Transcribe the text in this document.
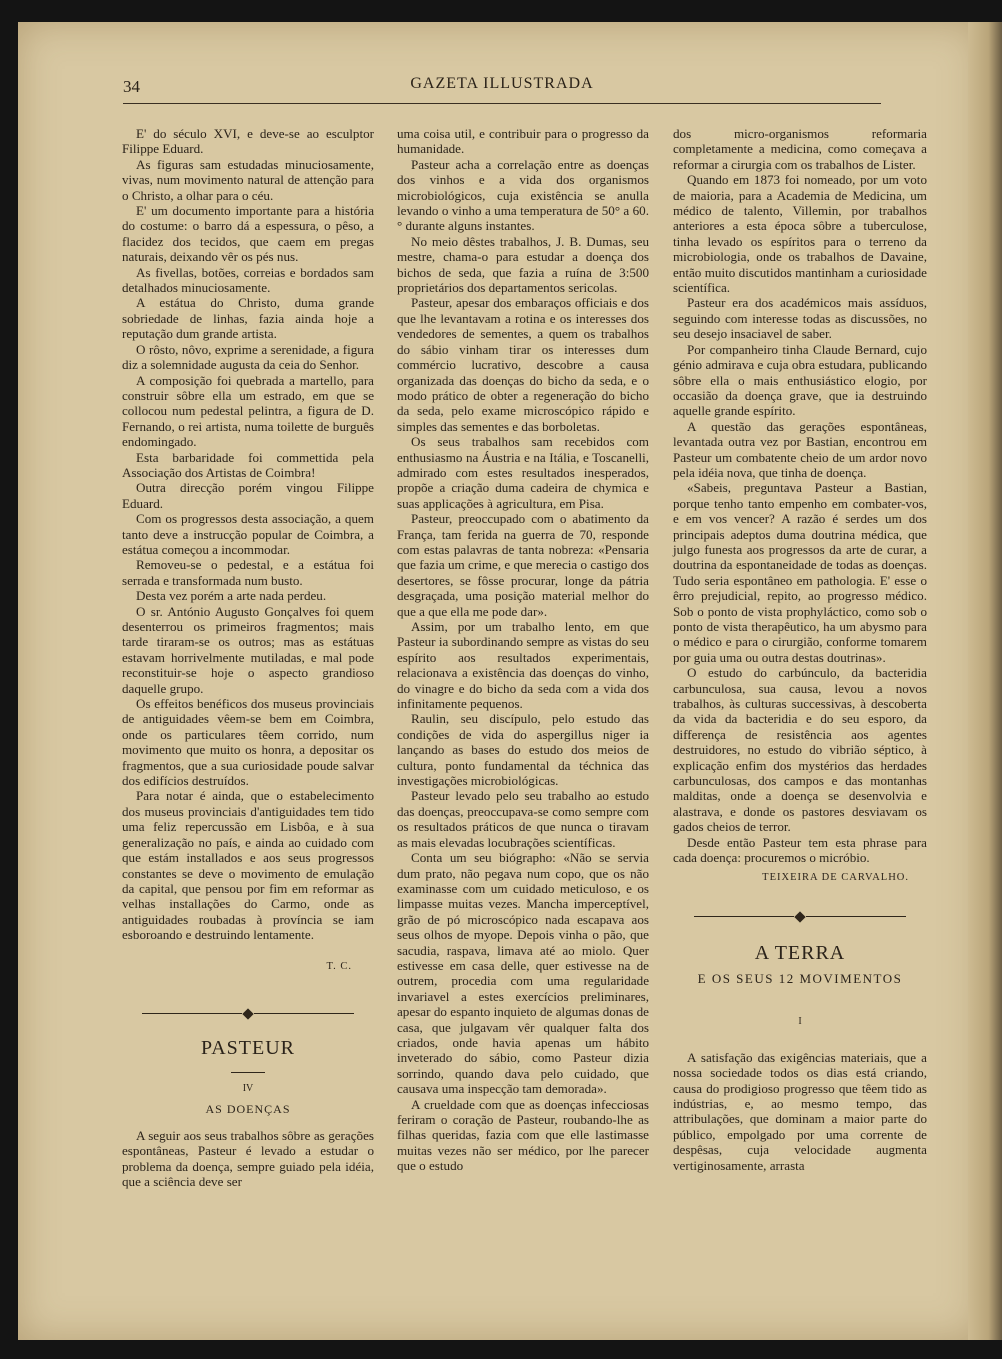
34	GAZETA ILLUSTRADA

E' do século XVI, e deve-se ao esculptor Filippe Eduard.

As figuras sam estudadas minuciosamente, vivas, num movimento natural de attenção para o Christo, a olhar para o céu.

E' um documento importante para a história do costume: o barro dá a espessura, o pêso, a flacidez dos tecidos, que caem em pregas naturais, deixando vêr os pés nus.

As fivellas, botões, correias e bordados sam detalhados minuciosamente.

A estátua do Christo, duma grande sobriedade de linhas, fazia ainda hoje a reputação dum grande artista.

O rôsto, nôvo, exprime a serenidade, a figura diz a solemnidade augusta da ceia do Senhor.

A composição foi quebrada a martello, para construir sôbre ella um estrado, em que se collocou num pedestal pelintra, a figura de D. Fernando, o rei artista, numa toilette de burguês endomingado.

Esta barbaridade foi commettida pela Associação dos Artistas de Coimbra!

Outra direcção porém vingou Filippe Eduard.

Com os progressos desta associação, a quem tanto deve a instrucção popular de Coimbra, a estátua começou a incommodar.

Removeu-se o pedestal, e a estátua foi serrada e transformada num busto.

Desta vez porém a arte nada perdeu.

O sr. António Augusto Gonçalves foi quem desenterrou os primeiros fragmentos; mais tarde tiraram-se os outros; mas as estátuas estavam horrivelmente mutiladas, e mal pode reconstituir-se hoje o aspecto grandioso daquelle grupo.

Os effeitos benéficos dos museus provinciais de antiguidades vêem-se bem em Coimbra, onde os particulares têem corrido, num movimento que muito os honra, a depositar os fragmentos, que a sua curiosidade poude salvar dos edifícios destruídos.

Para notar é ainda, que o estabelecimento dos museus provinciais d'antiguidades tem tido uma feliz repercussão em Lisbôa, e à sua generalização no país, e ainda ao cuidado com que estám installados e aos seus progressos constantes se deve o movimento de emulação da capital, que pensou por fim em reformar as velhas installações do Carmo, onde as antiguidades roubadas à província se iam esboroando e destruindo lentamente.

T. C.
PASTEUR
IV
AS DOENÇAS

A seguir aos seus trabalhos sôbre as gerações espontâneas, Pasteur é levado a estudar o problema da doença, sempre guiado pela idéia, que a sciência deve ser

uma coisa util, e contribuir para o progresso da humanidade.

Pasteur acha a correlação entre as doenças dos vinhos e a vida dos organismos microbiológicos, cuja existência se anulla levando o vinho a uma temperatura de 50° a 60.° durante alguns instantes.

No meio dêstes trabalhos, J. B. Dumas, seu mestre, chama-o para estudar a doença dos bichos de seda, que fazia a ruína de 3:500 proprietários dos departamentos sericolas.

Pasteur, apesar dos embaraços officiais e dos que lhe levantavam a rotina e os interesses dos vendedores de sementes, a quem os trabalhos do sábio vinham tirar os interesses dum commércio lucrativo, descobre a causa organizada das doenças do bicho da seda, e o modo prático de obter a regeneração do bicho da seda, pelo exame microscópico rápido e simples das sementes e das borboletas.

Os seus trabalhos sam recebidos com enthusiasmo na Áustria e na Itália, e Toscanelli, admirado com estes resultados inesperados, propõe a criação duma cadeira de chymica e suas applicações à agricultura, em Pisa.

Pasteur, preoccupado com o abatimento da França, tam ferida na guerra de 70, responde com estas palavras de tanta nobreza: «Pensaria que fazia um crime, e que merecia o castigo dos desertores, se fôsse procurar, longe da pátria desgraçada, uma posição material melhor do que a que ella me pode dar».

Assim, por um trabalho lento, em que Pasteur ia subordinando sempre as vistas do seu espírito aos resultados experimentais, relacionava a existência das doenças do vinho, do vinagre e do bicho da seda com a vida dos infinitamente pequenos.

Raulin, seu discípulo, pelo estudo das condições de vida do aspergillus niger ia lançando as bases do estudo dos meios de cultura, ponto fundamental da téchnica das investigações microbiológicas.

Pasteur levado pelo seu trabalho ao estudo das doenças, preoccupava-se como sempre com os resultados práticos de que nunca o tiravam as mais elevadas locubrações scientíficas.

Conta um seu biógrapho: «Não se servia dum prato, não pegava num copo, que os não examinasse com um cuidado meticuloso, e os limpasse muitas vezes. Mancha imperceptível, grão de pó microscópico nada escapava aos seus olhos de myope. Depois vinha o pão, que sacudia, raspava, limava até ao miolo. Quer estivesse em casa delle, quer estivesse na de outrem, procedia com uma regularidade invariavel a estes exercícios preliminares, apesar do espanto inquieto de algumas donas de casa, que julgavam vêr qualquer falta dos criados, onde havia apenas um hábito inveterado do sábio, como Pasteur dizia sorrindo, quando dava pelo cuidado, que causava uma inspecção tam demorada».

A crueldade com que as doenças infecciosas feriram o coração de Pasteur, roubando-lhe as filhas queridas, fazia com que elle lastimasse muitas vezes não ser médico, por lhe parecer que o estudo

dos micro-organismos reformaria completamente a medicina, como começava a reformar a cirurgia com os trabalhos de Lister.

Quando em 1873 foi nomeado, por um voto de maioria, para a Academia de Medicina, um médico de talento, Villemin, por trabalhos anteriores a esta época sôbre a tuberculose, tinha levado os espíritos para o terreno da microbiologia, onde os trabalhos de Davaine, então muito discutidos mantinham a curiosidade scientífica.

Pasteur era dos académicos mais assíduos, seguindo com interesse todas as discussões, no seu desejo insaciavel de saber.

Por companheiro tinha Claude Bernard, cujo génio admirava e cuja obra estudara, publicando sôbre ella o mais enthusiástico elogio, por occasião da doença grave, que ia destruindo aquelle grande espírito.

A questão das gerações espontâneas, levantada outra vez por Bastian, encontrou em Pasteur um combatente cheio de um ardor novo pela idéia nova, que tinha de doença.

«Sabeis, preguntava Pasteur a Bastian, porque tenho tanto empenho em combater-vos, e em vos vencer? A razão é serdes um dos principais adeptos duma doutrina médica, que julgo funesta aos progressos da arte de curar, a doutrina da espontaneidade de todas as doenças. Tudo seria espontâneo em pathologia. E' esse o êrro prejudicial, repito, ao progresso médico. Sob o ponto de vista prophyláctico, como sob o ponto de vista therapêutico, ha um abysmo para o médico e para o cirurgião, conforme tomarem por guia uma ou outra destas doutrinas».

O estudo do carbúnculo, da bacteridia carbunculosa, sua causa, levou a novos trabalhos, às culturas successivas, à descoberta da vida da bacteridia e do seu esporo, da differença de resistência aos agentes destruidores, no estudo do vibrião séptico, à explicação enfim dos mystérios das herdades carbunculosas, dos campos e das montanhas malditas, onde a doença se desenvolvia e alastrava, e donde os pastores desviavam os gados cheios de terror.

Desde então Pasteur tem esta phrase para cada doença: procuremos o micróbio.

TEIXEIRA DE CARVALHO.
A TERRA
E OS SEUS 12 MOVIMENTOS
I

A satisfação das exigências materiais, que a nossa sociedade todos os dias está criando, causa do prodigioso progresso que têem tido as indústrias, e, ao mesmo tempo, das attribulações, que dominam a maior parte do público, empolgado por uma corrente de despêsas, cuja velocidade augmenta vertiginosamente, arrasta
